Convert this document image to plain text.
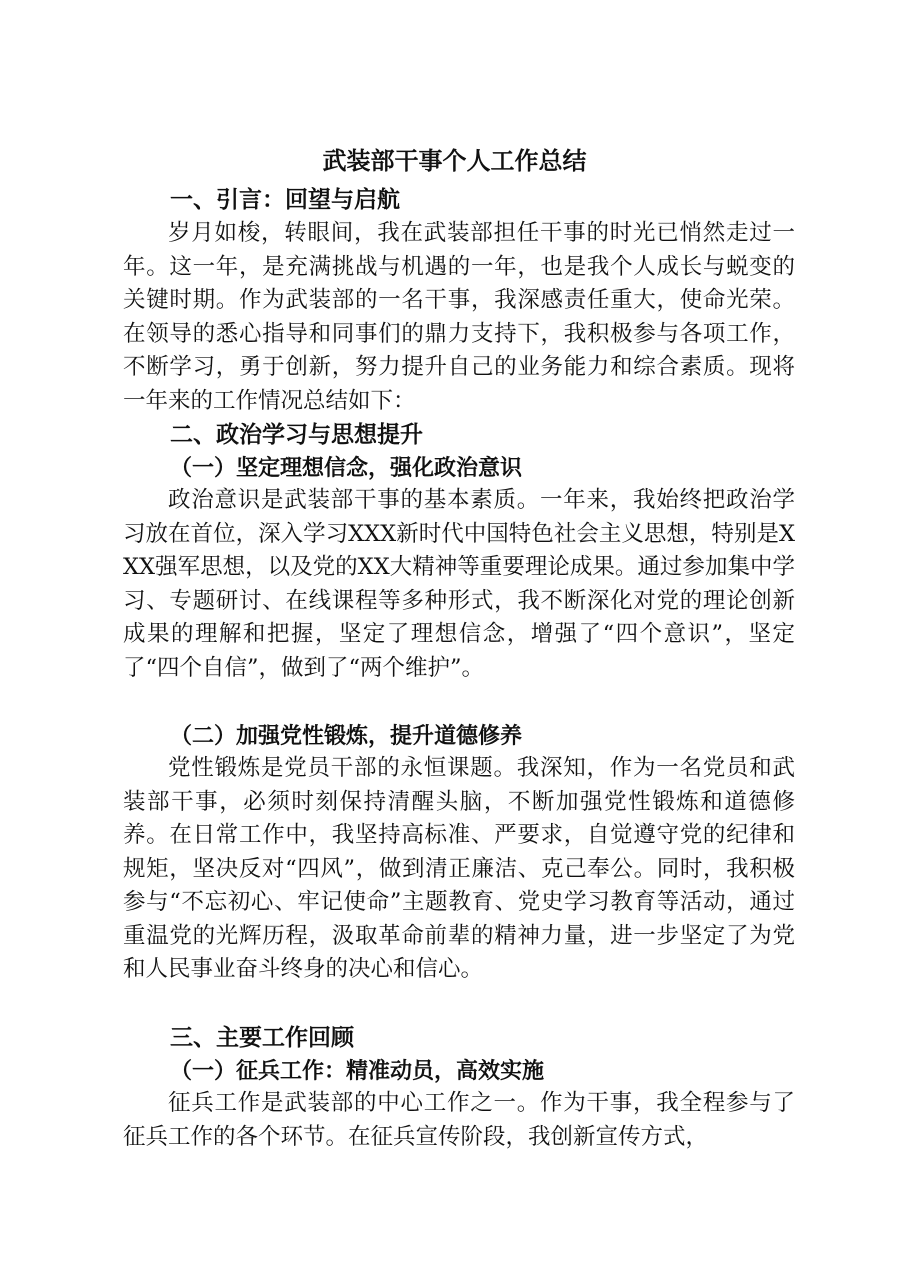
武装部干事个人工作总结
一、引言：回望与启航

岁月如梭，转眼间，我在武装部担任干事的时光已悄然走过一年。这一年，是充满挑战与机遇的一年，也是我个人成长与蜕变的关键时期。作为武装部的一名干事，我深感责任重大，使命光荣。在领导的悉心指导和同事们的鼎力支持下，我积极参与各项工作，不断学习，勇于创新，努力提升自己的业务能力和综合素质。现将一年来的工作情况总结如下：

二、政治学习与思想提升
（一）坚定理想信念，强化政治意识

政治意识是武装部干事的基本素质。一年来，我始终把政治学习放在首位，深入学习XXX新时代中国特色社会主义思想，特别是XXX强军思想，以及党的XX大精神等重要理论成果。通过参加集中学习、专题研讨、在线课程等多种形式，我不断深化对党的理论创新成果的理解和把握，坚定了理想信念，增强了“四个意识”，坚定了“四个自信”，做到了“两个维护”。

（二）加强党性锻炼，提升道德修养

党性锻炼是党员干部的永恒课题。我深知，作为一名党员和武装部干事，必须时刻保持清醒头脑，不断加强党性锻炼和道德修养。在日常工作中，我坚持高标准、严要求，自觉遵守党的纪律和规矩，坚决反对“四风”，做到清正廉洁、克己奉公。同时，我积极参与“不忘初心、牢记使命”主题教育、党史学习教育等活动，通过重温党的光辉历程，汲取革命前辈的精神力量，进一步坚定了为党和人民事业奋斗终身的决心和信心。

三、主要工作回顾
（一）征兵工作：精准动员，高效实施

征兵工作是武装部的中心工作之一。作为干事，我全程参与了征兵工作的各个环节。在征兵宣传阶段，我创新宣传方式，
